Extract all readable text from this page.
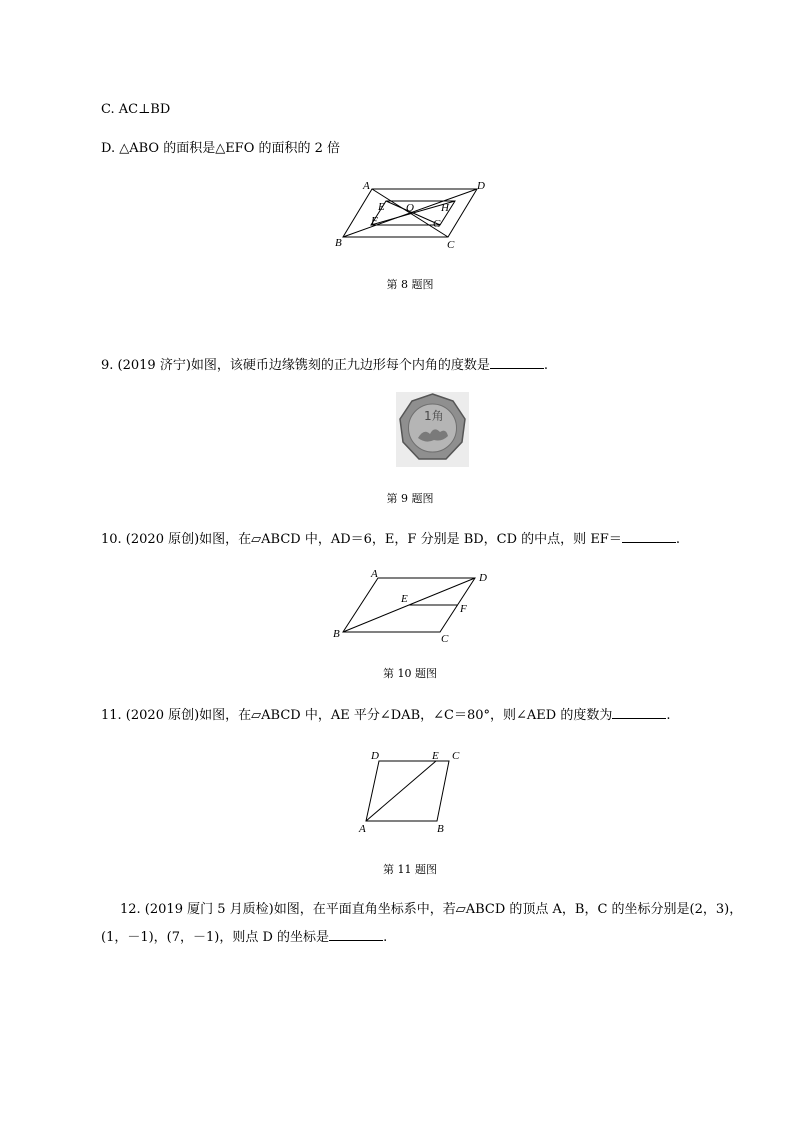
C. AC⊥BD
D. △ABO 的面积是△EFO 的面积的 2 倍
A	D
E O H
F	G
B	C
第 8 题图
9. (2019 济宁)如图，该硬币边缘镌刻的正九边形每个内角的度数是	.
1角
第 9 题图
10. (2020 原创)如图，在▱ABCD 中，AD＝6，E，F 分别是 BD，CD 的中点，则 EF＝	.
A	D
E
F
B	C
第 10 题图
11. (2020 原创)如图，在▱ABCD 中，AE 平分∠DAB，∠C＝80°，则∠AED 的度数为	.
D	E C
A	B
第 11 题图
12. (2019 厦门 5 月质检)如图，在平面直角坐标系中，若▱ABCD 的顶点 A，B，C 的坐标分别是(2，3)，
(1，－1)，(7，－1)，则点 D 的坐标是	.
